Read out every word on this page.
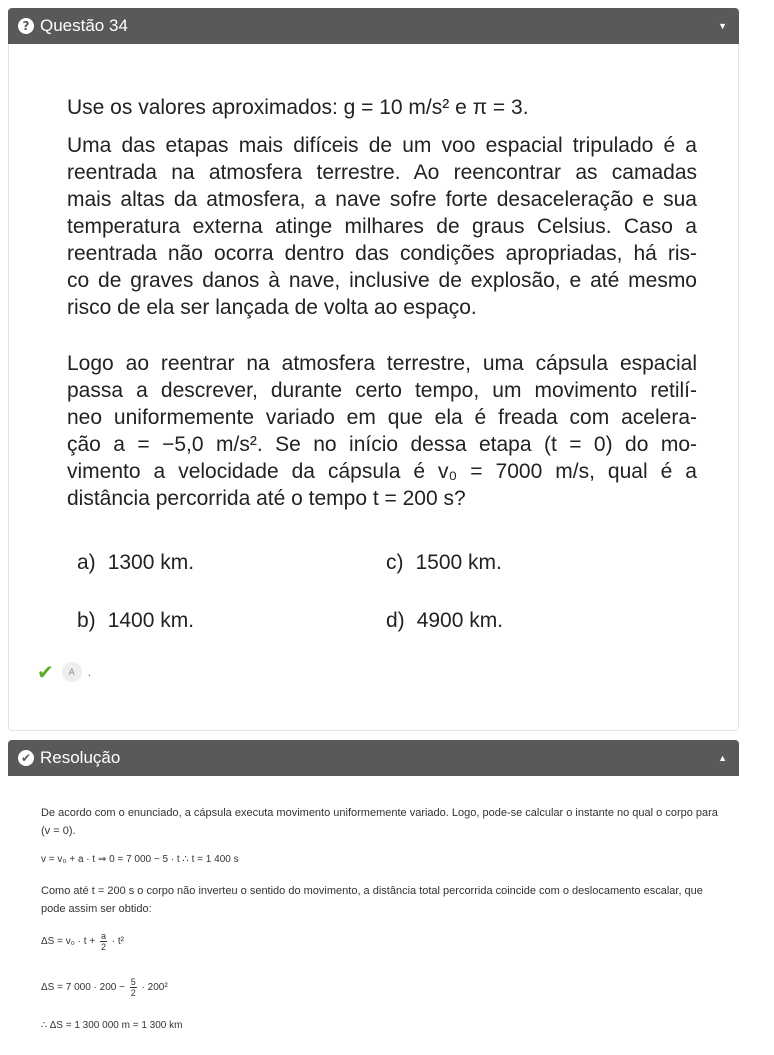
? Questão 34	▼
Use os valores aproximados: g = 10 m/s² e π = 3.
Uma das etapas mais difíceis de um voo espacial tripulado é a
reentrada na atmosfera terrestre. Ao reencontrar as camadas
mais altas da atmosfera, a nave sofre forte desaceleração e sua
temperatura externa atinge milhares de graus Celsius. Caso a
reentrada não ocorra dentro das condições apropriadas, há ris-
co de graves danos à nave, inclusive de explosão, e até mesmo
risco de ela ser lançada de volta ao espaço.
Logo ao reentrar na atmosfera terrestre, uma cápsula espacial
passa a descrever, durante certo tempo, um movimento retilí-
neo uniformemente variado em que ela é freada com acelera-
ção a = −5,0 m/s². Se no início dessa etapa (t = 0) do mo-
vimento a velocidade da cápsula é v₀ = 7000 m/s, qual é a
distância percorrida até o tempo t = 200 s?
a) 1300 km.
b) 1400 km.
c) 1500 km.
d) 4900 km.
✔	A	.
✔ Resolução	▲
De acordo com o enunciado, a cápsula executa movimento uniformemente variado. Logo, pode-se calcular o instante no qual o corpo para (v = 0).
v = v₀ + a · t ⇒ 0 = 7 000 − 5 · t ∴ t = 1 400 s
Como até t = 200 s o corpo não inverteu o sentido do movimento, a distância total percorrida coincide com o deslocamento escalar, que pode assim ser obtido:
$\Delta S = v_0 \cdot t + \frac{a}{2} \cdot t^2$
ΔS = 7 $000 \cdot 200 - \frac{5}{2} \cdot 200^2$
∴ ΔS = 1 300 000 m = 1 300 km
